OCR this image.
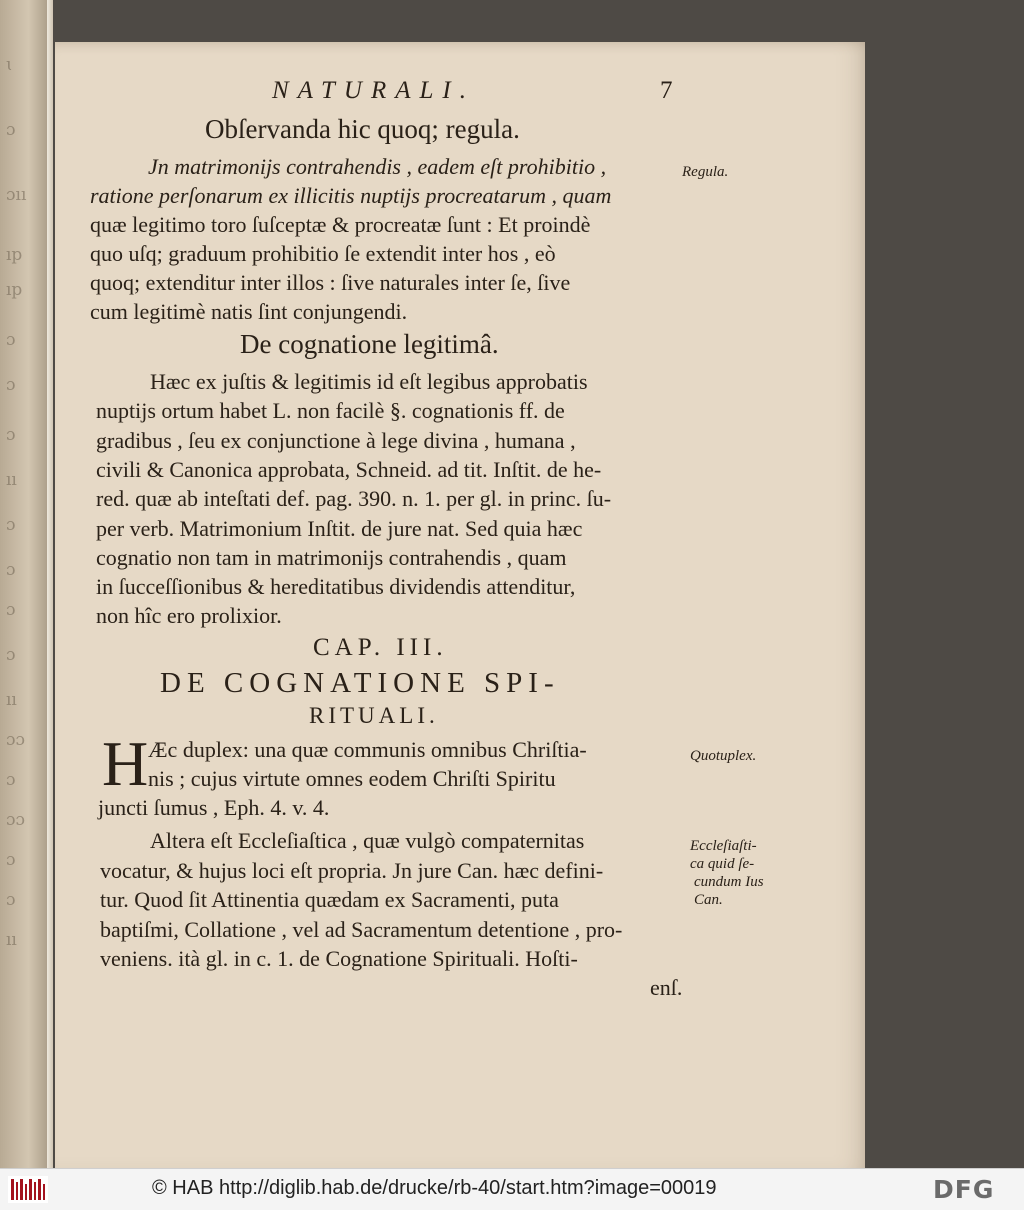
ɩ
ɔ
ɔıı
ıp
ıp
ɔ
ɔ
ɔ
ıı
ɔ
ɔ
ɔ
ɔ
ıı
ɔɔ
ɔ
ɔɔ
ɔ
ɔ
ıı

NATURALI.	7

Obſervanda hic quoq; regula.

Jn matrimonijs contrahendis , eadem eſt prohibitio ,

ratione perſonarum ex illicitis nuptijs procreatarum , quam

quæ legitimo toro ſuſceptæ & procreatæ ſunt : Et proindè

quo uſq; graduum prohibitio ſe extendit inter hos , eò

quoq; extenditur inter illos : ſive naturales inter ſe, ſive

cum legitimè natis ſint conjungendi.

Regula.

De cognatione legitimâ.

Hæc ex juſtis & legitimis id eſt legibus approbatis

nuptijs ortum habet L. non facilè §. cognationis ff. de

gradibus , ſeu ex conjunctione à lege divina , humana ,

civili & Canonica approbata, Schneid. ad tit. Inſtit. de he-

red. quæ ab inteſtati def. pag. 390. n. 1. per gl. in princ. ſu-

per verb. Matrimonium Inſtit. de jure nat. Sed quia hæc

cognatio non tam in matrimonijs contrahendis , quam

in ſucceſſionibus & hereditatibus dividendis attenditur,

non hîc ero prolixior.

CAP. III.

DE COGNATIONE SPI-

RITUALI.

H Æc duplex: una quæ communis omnibus Chriſtia-

nis ; cujus virtute omnes eodem Chriſti Spiritu

juncti ſumus , Eph. 4. v. 4.

Quotuplex.

Altera eſt Eccleſiaſtica , quæ vulgò compaternitas

vocatur, & hujus loci eſt propria. Jn jure Can. hæc defini-

tur. Quod ſit Attinentia quædam ex Sacramenti, puta

baptiſmi, Collatione , vel ad Sacramentum detentione , pro-

veniens. ità gl. in c. 1. de Cognatione Spirituali. Hoſti-

Eccleſiaſti-

ca quid ſe-

cundum Ius

Can.

enſ.

© HAB http://diglib.hab.de/drucke/rb-40/start.htm?image=00019	DFG
